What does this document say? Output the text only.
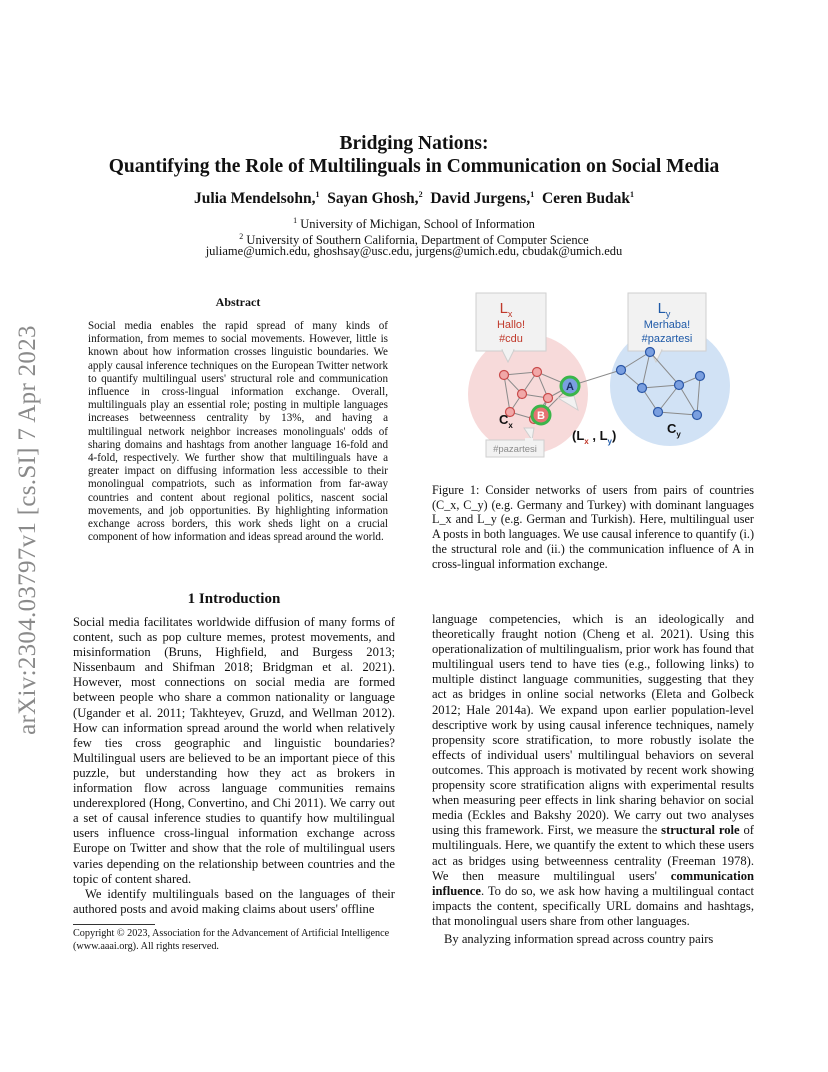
arXiv:2304.03797v1 [cs.SI] 7 Apr 2023
Bridging Nations:
Quantifying the Role of Multilinguals in Communication on Social Media
Julia Mendelsohn,$^1$ Sayan Ghosh,$^2$ David Jurgens,$^1$ Ceren Budak$^1$
$^1$ University of Michigan, School of Information
$^2$ University of Southern California, Department of Computer Science
juliame@umich.edu, ghoshsay@usc.edu, jurgens@umich.edu, cbudak@umich.edu
Abstract
Social media enables the rapid spread of many kinds of information, from memes to social movements. However, little is known about how information crosses linguistic boundaries. We apply causal inference techniques on the European Twitter network to quantify multilingual users' structural role and communication influence in cross-lingual information exchange. Overall, multilinguals play an essential role; posting in multiple languages increases betweenness centrality by 13%, and having a multilingual network neighbor increases monolinguals' odds of sharing domains and hashtags from another language 16-fold and 4-fold, respectively. We further show that multilinguals have a greater impact on diffusing information less accessible to their monolingual compatriots, such as information from far-away countries and content about regional politics, nascent social movements, and job opportunities. By highlighting information exchange across borders, this work sheds light on a crucial component of how information and ideas spread around the world.
$L_x$
Hallo!
#cdu
$L_y$
Merhaba!
#pazartesi
A
B
$C_x$	$C_y$
($L_x$ , $L_y$)
#pazartesi
Figure 1: Consider networks of users from pairs of countries (C_x, C_y) (e.g. Germany and Turkey) with dominant languages L_x and L_y (e.g. German and Turkish). Here, multilingual user A posts in both languages. We use causal inference to quantify (i.) the structural role and (ii.) the communication influence of A in cross-lingual information exchange.
1 Introduction

Social media facilitates worldwide diffusion of many forms of content, such as pop culture memes, protest movements, and misinformation (Bruns, Highfield, and Burgess 2013; Nissenbaum and Shifman 2018; Bridgman et al. 2021). However, most connections on social media are formed between people who share a common nationality or language (Ugander et al. 2011; Takhteyev, Gruzd, and Wellman 2012). How can information spread around the world when relatively few ties cross geographic and linguistic boundaries? Multilingual users are believed to be an important piece of this puzzle, but understanding how they act as brokers in information flow across language communities remains underexplored (Hong, Convertino, and Chi 2011). We carry out a set of causal inference studies to quantify how multilingual users influence cross-lingual information exchange across Europe on Twitter and show that the role of multilingual users varies depending on the relationship between countries and the topic of content shared.

We identify multilinguals based on the languages of their authored posts and avoid making claims about users' offline

language competencies, which is an ideologically and theoretically fraught notion (Cheng et al. 2021). Using this operationalization of multilingualism, prior work has found that multilingual users tend to have ties (e.g., following links) to multiple distinct language communities, suggesting that they act as bridges in online social networks (Eleta and Golbeck 2012; Hale 2014a). We expand upon earlier population-level descriptive work by using causal inference techniques, namely propensity score stratification, to more robustly isolate the effects of individual users' multilingual behaviors on several outcomes. This approach is motivated by recent work showing propensity score stratification aligns with experimental results when measuring peer effects in link sharing behavior on social media (Eckles and Bakshy 2020). We carry out two analyses using this framework. First, we measure the structural role of multilinguals. Here, we quantify the extent to which these users act as bridges using betweenness centrality (Freeman 1978). We then measure multilingual users' communication influence. To do so, we ask how having a multilingual contact impacts the content, specifically URL domains and hashtags, that monolingual users share from other languages.

By analyzing information spread across country pairs

Copyright © 2023, Association for the Advancement of Artificial Intelligence (www.aaai.org). All rights reserved.
